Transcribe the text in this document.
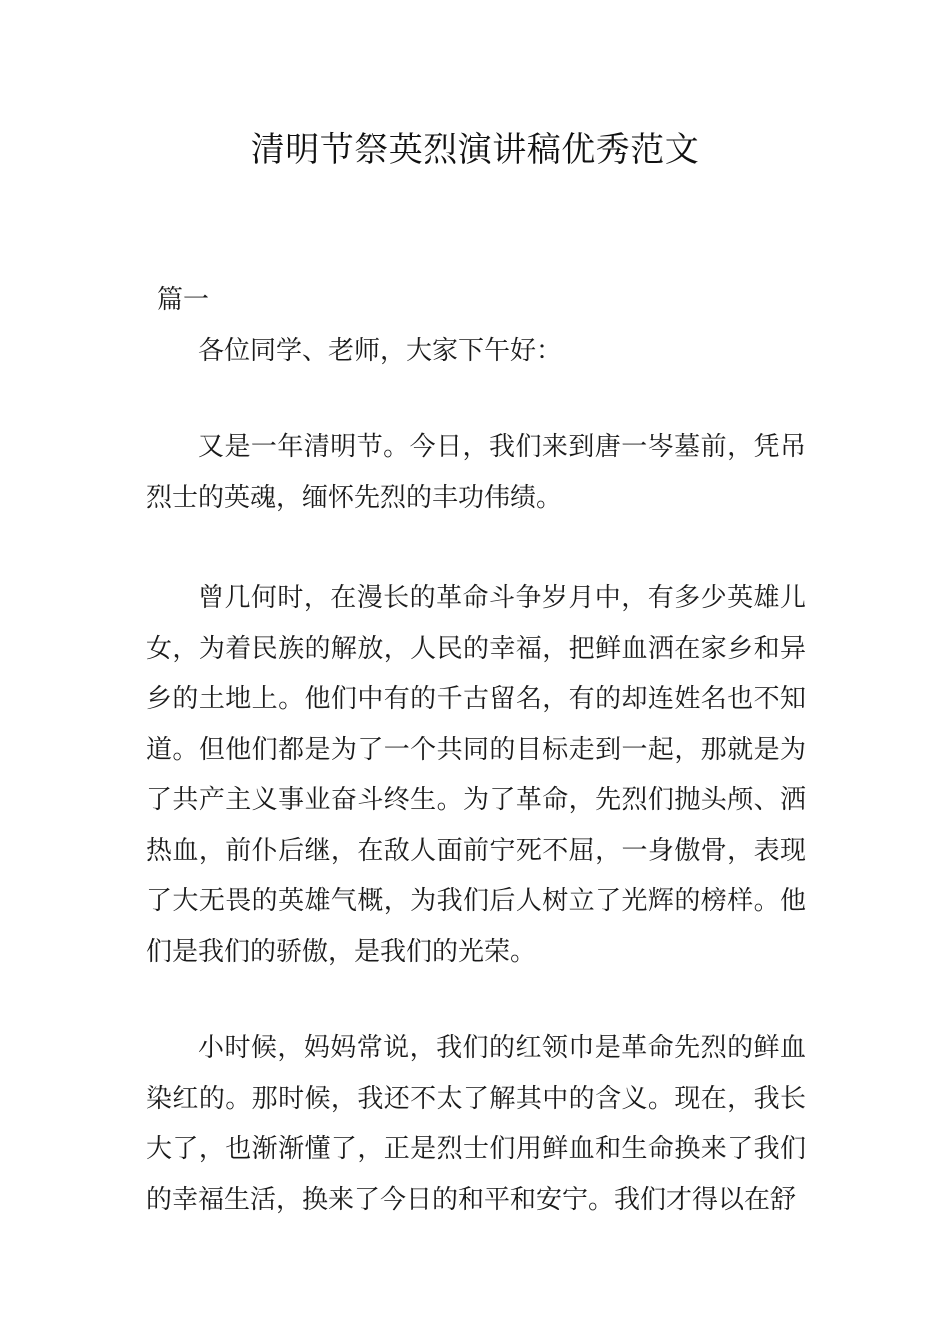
清明节祭英烈演讲稿优秀范文
篇一
各位同学、老师，大家下午好：

又是一年清明节。今日，我们来到唐一岑墓前，凭吊烈士的英魂，缅怀先烈的丰功伟绩。

曾几何时，在漫长的革命斗争岁月中，有多少英雄儿女，为着民族的解放，人民的幸福，把鲜血洒在家乡和异乡的土地上。他们中有的千古留名，有的却连姓名也不知道。但他们都是为了一个共同的目标走到一起，那就是为了共产主义事业奋斗终生。为了革命，先烈们抛头颅、洒热血，前仆后继，在敌人面前宁死不屈，一身傲骨，表现了大无畏的英雄气概，为我们后人树立了光辉的榜样。他们是我们的骄傲，是我们的光荣。

小时候，妈妈常说，我们的红领巾是革命先烈的鲜血染红的。那时候，我还不太了解其中的含义。现在，我长大了，也渐渐懂了，正是烈士们用鲜血和生命换来了我们的幸福生活，换来了今日的和平和安宁。我们才得以在舒
